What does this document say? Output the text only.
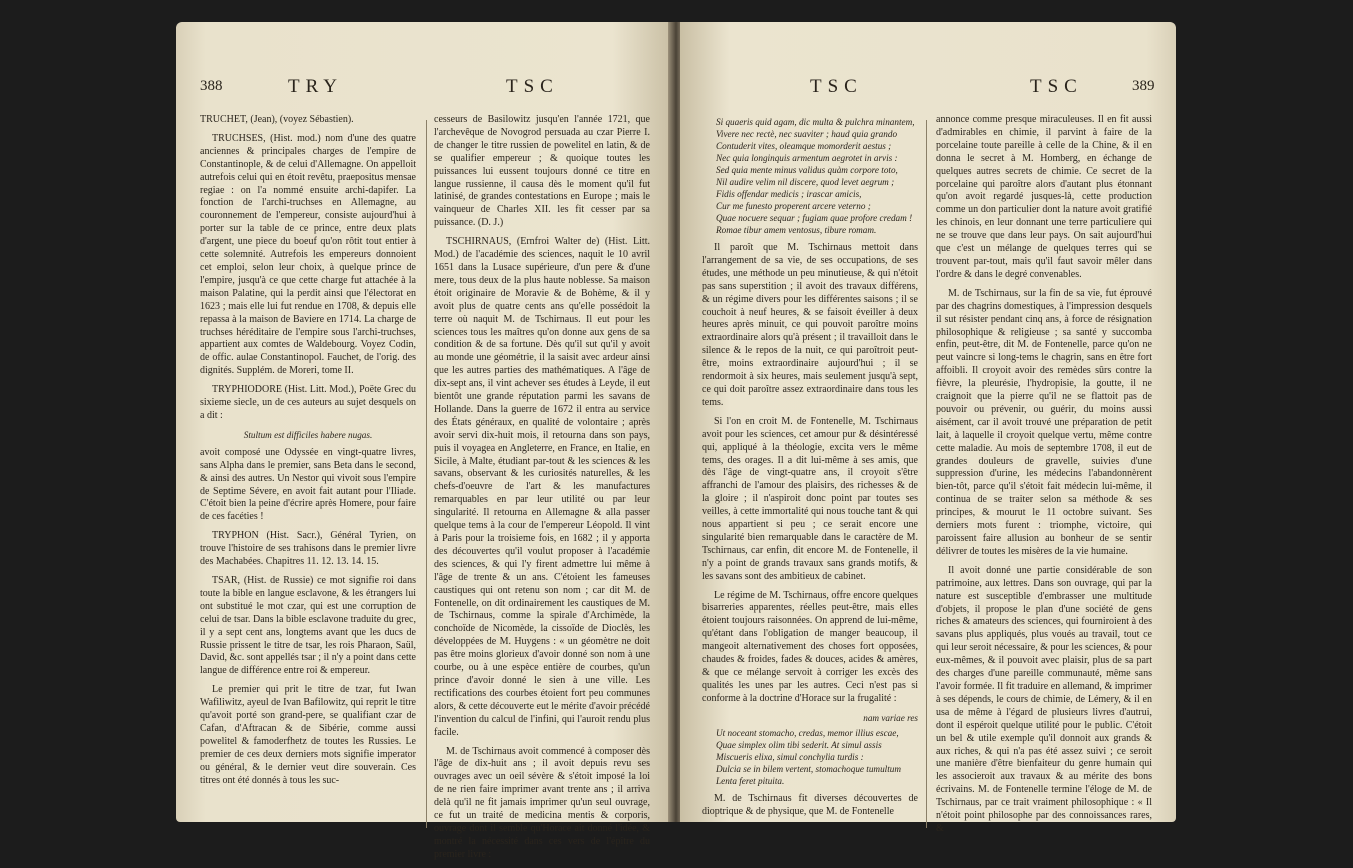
388	TRY	TSC

TRUCHET, (Jean), (voyez Sébastien).

TRUCHSES, (Hist. mod.) nom d'une des quatre anciennes & principales charges de l'empire de Constantinople, & de celui d'Allemagne. On appelloit autrefois celui qui en étoit revêtu, praepositus mensae regiae : on l'a nommé ensuite archi-dapifer. La fonction de l'archi-truchses en Allemagne, au couronnement de l'empereur, consiste aujourd'hui à porter sur la table de ce prince, entre deux plats d'argent, une piece du boeuf qu'on rôtit tout entier à cette solemnité. Autrefois les empereurs donnoient cet emploi, selon leur choix, à quelque prince de l'empire, jusqu'à ce que cette charge fut attachée à la maison Palatine, qui la perdit ainsi que l'électorat en 1623 ; mais elle lui fut rendue en 1708, & depuis elle repassa à la maison de Baviere en 1714. La charge de truchses héréditaire de l'empire sous l'archi-truchses, appartient aux comtes de Waldebourg. Voyez Codin, de offic. aulae Constantinopol. Fauchet, de l'orig. des dignités. Supplém. de Moreri, tome II.

TRYPHIODORE (Hist. Litt. Mod.), Poëte Grec du sixieme siecle, un de ces auteurs au sujet desquels on a dit :

Stultum est difficiles habere nugas.

avoit composé une Odyssée en vingt-quatre livres, sans Alpha dans le premier, sans Beta dans le second, & ainsi des autres. Un Nestor qui vivoit sous l'empire de Septime Sévere, en avoit fait autant pour l'Iliade. C'étoit bien la peine d'écrire après Homere, pour faire de ces facéties !

TRYPHON (Hist. Sacr.), Général Tyrien, on trouve l'histoire de ses trahisons dans le premier livre des Machabées. Chapitres 11. 12. 13. 14. 15.

TSAR, (Hist. de Russie) ce mot signifie roi dans toute la bible en langue esclavone, & les étrangers lui ont substitué le mot czar, qui est une corruption de celui de tsar. Dans la bible esclavone traduite du grec, il y a sept cent ans, longtems avant que les ducs de Russie prissent le titre de tsar, les rois Pharaon, Saül, David, &c. sont appellés tsar ; il n'y a point dans cette langue de différence entre roi & empereur.

Le premier qui prit le titre de tzar, fut Iwan Wafiliwitz, ayeul de Ivan Bafilowitz, qui reprit le titre qu'avoit porté son grand-pere, se qualifiant czar de Cafan, d'Aftracan & de Sibérie, comme aussi powelitel & famoderfhetz de toutes les Russies. Le premier de ces deux derniers mots signifie imperator ou général, & le dernier veut dire souverain. Ces titres ont été donnés à tous les suc-

cesseurs de Basilowitz jusqu'en l'année 1721, que l'archevêque de Novogrod persuada au czar Pierre I. de changer le titre russien de powelitel en latin, & de se qualifier empereur ; & quoique toutes les puissances lui eussent toujours donné ce titre en langue russienne, il causa dès le moment qu'il fut latinisé, de grandes contestations en Europe ; mais le vainqueur de Charles XII. les fit cesser par sa puissance. (D. J.)

TSCHIRNAUS, (Ernfroi Walter de) (Hist. Litt. Mod.) de l'académie des sciences, naquit le 10 avril 1651 dans la Lusace supérieure, d'un pere & d'une mere, tous deux de la plus haute noblesse. Sa maison étoit originaire de Moravie & de Bohème, & il y avoit plus de quatre cents ans qu'elle possédoit la terre où naquit M. de Tschirnaus. Il eut pour les sciences tous les maîtres qu'on donne aux gens de sa condition & de sa fortune. Dès qu'il sut qu'il y avoit au monde une géométrie, il la saisit avec ardeur ainsi que les autres parties des mathématiques. A l'âge de dix-sept ans, il vint achever ses études à Leyde, il eut bientôt une grande réputation parmi les savans de Hollande. Dans la guerre de 1672 il entra au service des États généraux, en qualité de volontaire ; après avoir servi dix-huit mois, il retourna dans son pays, puis il voyagea en Angleterre, en France, en Italie, en Sicile, à Malte, étudiant par-tout & les sciences & les savans, observant & les curiosités naturelles, & les chefs-d'oeuvre de l'art & les manufactures remarquables en par leur utilité ou par leur singularité. Il retourna en Allemagne & alla passer quelque tems à la cour de l'empereur Léopold. Il vint à Paris pour la troisieme fois, en 1682 ; il y apporta des découvertes qu'il voulut proposer à l'académie des sciences, & qui l'y firent admettre lui même à l'âge de trente & un ans. C'étoient les fameuses caustiques qui ont retenu son nom ; car dit M. de Fontenelle, on dit ordinairement les caustiques de M. de Tschirnaus, comme la spirale d'Archimède, la conchoïde de Nicomède, la cissoïde de Dioclès, les développées de M. Huygens : « un géomètre ne doit pas être moins glorieux d'avoir donné son nom à une courbe, ou à une espèce entière de courbes, qu'un prince d'avoir donné le sien à une ville. Les rectifications des courbes étoient fort peu communes alors, & cette découverte eut le mérite d'avoir précédé l'invention du calcul de l'infini, qui l'auroit rendu plus facile.

M. de Tschirnaus avoit commencé à composer dès l'âge de dix-huit ans ; il avoit depuis revu ses ouvrages avec un oeil sévère & s'étoit imposé la loi de ne rien faire imprimer avant trente ans ; il arriva delà qu'il ne fit jamais imprimer qu'un seul ouvrage, ce fut un traité de medicina mentis & corporis, ouvrage dont il semble qu'Horace ait donné l'idée, & montré la nécessité dans ces vers de l'épître du premier livre :

TSC	TSC	389
Si quaeris quid agam, dic multa & pulchra minantem,
Vivere nec rectè, nec suaviter ; haud quia grando
Contuderit vites, oleamque momorderit aestus ;
Nec quia longinquis armentum aegrotet in arvis :
Sed quia mente minus validus quàm corpore toto,
Nil audire velim nil discere, quod levet aegrum ;
Fidis offendar medicis ; irascar amicis,
Cur me funesto properent arcere veterno ;
Quae nocuere sequar ; fugiam quae profore credam !
Romae tibur amem ventosus, tibure romam.

Il paroît que M. Tschirnaus mettoit dans l'arrangement de sa vie, de ses occupations, de ses études, une méthode un peu minutieuse, & qui n'étoit pas sans superstition ; il avoit des travaux différens, & un régime divers pour les différentes saisons ; il se couchoit à neuf heures, & se faisoit éveiller à deux heures après minuit, ce qui pouvoit paroître moins extraordinaire alors qu'à présent ; il travailloit dans le silence & le repos de la nuit, ce qui paroîtroit peut-être, moins extraordinaire aujourd'hui ; il se rendormoit à six heures, mais seulement jusqu'à sept, ce qui doit paroître assez extraordinaire dans tous les tems.

Si l'on en croit M. de Fontenelle, M. Tschirnaus avoit pour les sciences, cet amour pur & désintéressé qui, appliqué à la théologie, excita vers le même tems, des orages. Il a dit lui-même à ses amis, que dès l'âge de vingt-quatre ans, il croyoit s'être affranchi de l'amour des plaisirs, des richesses & de la gloire ; il n'aspiroit donc point par toutes ses veilles, à cette immortalité qui nous touche tant & qui nous appartient si peu ; ce serait encore une singularité bien remarquable dans le caractère de M. Tschirnaus, car enfin, dit encore M. de Fontenelle, il n'y a point de grands travaux sans grands motifs, & les savans sont des ambitieux de cabinet.

Le régime de M. Tschirnaus, offre encore quelques bisarreries apparentes, réelles peut-être, mais elles étoient toujours raisonnées. On apprend de lui-même, qu'étant dans l'obligation de manger beaucoup, il mangeoit alternativement des choses fort opposées, chaudes & froides, fades & douces, acides & amères, & que ce mélange servoit à corriger les excès des qualités les unes par les autres. Ceci n'est pas si conforme à la doctrine d'Horace sur la frugalité :

nam variae res
Ut noceant stomacho, credas, memor illius escae,
Quae simplex olim tibi sederit. At simul assis
Miscueris elixa, simul conchylia turdis :
Dulcia se in bilem vertent, stomachoque tumultum
Lenta feret pituita.

M. de Tschirnaus fit diverses découvertes de dioptrique & de physique, que M. de Fontenelle

annonce comme presque miraculeuses. Il en fit aussi d'admirables en chimie, il parvint à faire de la porcelaine toute pareille à celle de la Chine, & il en donna le secret à M. Homberg, en échange de quelques autres secrets de chimie. Ce secret de la porcelaine qui paroître alors d'autant plus étonnant qu'on avoit regardé jusques-là, cette production comme un don particulier dont la nature avoit gratifié les chinois, en leur donnant une terre particuliere qui ne se trouve que dans leur pays. On sait aujourd'hui que c'est un mélange de quelques terres qui se trouvent par-tout, mais qu'il faut savoir mêler dans l'ordre & dans le degré convenables.

M. de Tschirnaus, sur la fin de sa vie, fut éprouvé par des chagrins domestiques, à l'impression desquels il sut résister pendant cinq ans, à force de résignation philosophique & religieuse ; sa santé y succomba enfin, peut-être, dit M. de Fontenelle, parce qu'on ne peut vaincre si long-tems le chagrin, sans en être fort affoibli. Il croyoit avoir des remèdes sûrs contre la fièvre, la pleurésie, l'hydropisie, la goutte, il ne craignoit que la pierre qu'il ne se flattoit pas de pouvoir ou prévenir, ou guérir, du moins aussi aisément, car il avoit trouvé une préparation de petit lait, à laquelle il croyoit quelque vertu, même contre cette maladie. Au mois de septembre 1708, il eut de grandes douleurs de gravelle, suivies d'une suppression d'urine, les médecins l'abandonnèrent bien-tôt, parce qu'il s'étoit fait médecin lui-même, il continua de se traiter selon sa méthode & ses principes, & mourut le 11 octobre suivant. Ses derniers mots furent : triomphe, victoire, qui paroissent faire allusion au bonheur de se sentir délivrer de toutes les misères de la vie humaine.

Il avoit donné une partie considérable de son patrimoine, aux lettres. Dans son ouvrage, qui par la nature est susceptible d'embrasser une multitude d'objets, il propose le plan d'une société de gens riches & amateurs des sciences, qui fourniroient à des savans plus appliqués, plus voués au travail, tout ce qui leur seroit nécessaire, & pour les sciences, & pour eux-mêmes, & il pouvoit avec plaisir, plus de sa part des charges d'une pareille communauté, même sans l'avoir formée. Il fit traduire en allemand, & imprimer à ses dépends, le cours de chimie, de Lémery, & il en usa de même à l'égard de plusieurs livres d'autrui, dont il espéroit quelque utilité pour le public. C'étoit un bel & utile exemple qu'il donnoit aux grands & aux riches, & qui n'a pas été assez suivi ; ce seroit une manière d'être bienfaiteur du genre humain qui les associeroit aux travaux & au mérite des bons écrivains. M. de Fontenelle termine l'éloge de M. de Tschirnaus, par ce trait vraiment philosophique : « Il n'étoit point philosophe par des connoissances rares, &
